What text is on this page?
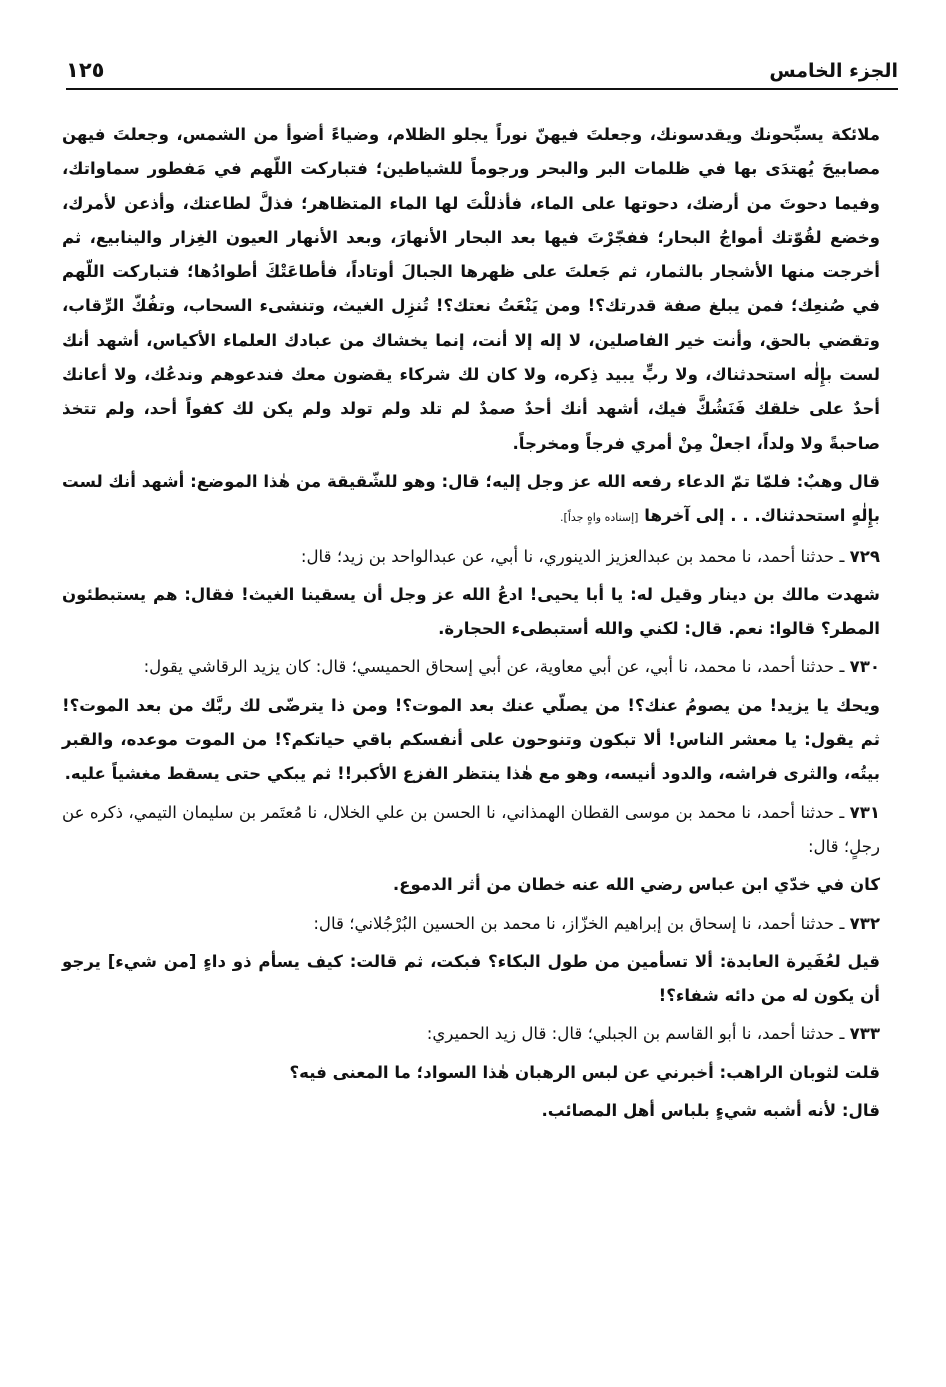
الجزء الخامس
١٢٥

ملائكة يسبِّحونك ويقدسونك، وجعلتَ فيهنّ نوراً يجلو الظلام، وضياءً أضوأ من الشمس، وجعلتَ فيهن مصابيحَ يُهتدَى بها في ظلمات البر والبحر ورجوماً للشياطين؛ فتباركت اللّهم في مَفطور سماواتك، وفيما دحوتَ من أرضك، دحوتها على الماء، فأذللْتَ لها الماء المتظاهر؛ فذلَّ لطاعتك، وأذعن لأمرك، وخضع لقُوّتك أمواجُ البحار؛ ففجّرْتَ فيها بعد البحار الأنهارَ، وبعد الأنهار العيون الغِزار والينابيع، ثم أخرجت منها الأشجار بالثمار، ثم جَعلتَ على ظهرها الجبالَ أوتاداً، فأطاعَتْكَ أطوادُها؛ فتباركت اللّهم في صُنعِك؛ فمن يبلغ صفة قدرتك؟! ومن يَنْعَتُ نعتك؟! تُنزِل الغيث، وتنشىء السحاب، وتفُكّ الرِّقاب، وتقضي بالحق، وأنت خير الفاصلين، لا إله إلا أنت، إنما يخشاك من عبادك العلماء الأكياس، أشهد أنك لست بإِلٰه استحدثناك، ولا ربٍّ يبيد ذِكره، ولا كان لك شركاء يقضون معك فندعوهم وندعُك، ولا أعانك أحدٌ على خلقك فَنَشُكَّ فيك، أشهد أنك أحدٌ صمدٌ لم تلد ولم تولد ولم يكن لك كفواً أحد، ولم تتخذ صاحبةً ولا ولداً، اجعلْ مِنْ أمري فرجاً ومخرجاً.

قال وهبٌ: فلمّا تمّ الدعاء رفعه الله عز وجل إليه؛ قال: وهو للشّقيقة من هٰذا الموضع: أشهد أنك لست بإِلٰهٍ استحدثناك. . . إلى آخرها [إسناده واهٍ جداً].

٧٢٩ ـ حدثنا أحمد، نا محمد بن عبدالعزيز الدينوري، نا أبي، عن عبدالواحد بن زيد؛ قال:

شهدت مالك بن دينار وقيل له: يا أبا يحيى! ادعُ الله عز وجل أن يسقينا الغيث! فقال: هم يستبطئون المطر؟ قالوا: نعم. قال: لكني والله أستبطىء الحجارة.

٧٣٠ ـ حدثنا أحمد، نا محمد، نا أبي، عن أبي معاوية، عن أبي إسحاق الحميسي؛ قال: كان يزيد الرقاشي يقول:

ويحك يا يزيد! من يصومُ عنك؟! من يصلّي عنك بعد الموت؟! ومن ذا يترضّى لك ربَّك من بعد الموت؟! ثم يقول: يا معشر الناس! ألا تبكون وتنوحون على أنفسكم باقي حياتكم؟! من الموت موعده، والقبر بيتُه، والثرى فراشه، والدود أنيسه، وهو مع هٰذا ينتظر الفزع الأكبر!! ثم يبكي حتى يسقط مغشياً عليه.

٧٣١ ـ حدثنا أحمد، نا محمد بن موسى القطان الهمذاني، نا الحسن بن علي الخلال، نا مُعتَمر بن سليمان التيمي، ذكره عن رجلٍ؛ قال:

كان في خدّي ابن عباس رضي الله عنه خطان من أثر الدموع.

٧٣٢ ـ حدثنا أحمد، نا إسحاق بن إبراهيم الخزّاز، نا محمد بن الحسين البُرْجُلاني؛ قال:

قيل لعُفَيرة العابدة: ألا تسأمين من طول البكاء؟ فبكت، ثم قالت: كيف يسأم ذو داءٍ [من شيء] يرجو أن يكون له من دائه شفاء؟!

٧٣٣ ـ حدثنا أحمد، نا أبو القاسم بن الجبلي؛ قال: قال زيد الحميري:

قلت لثوبان الراهب: أخبرني عن لبس الرهبان هٰذا السواد؛ ما المعنى فيه؟

قال: لأنه أشبه شيءٍ بلباس أهل المصائب.
